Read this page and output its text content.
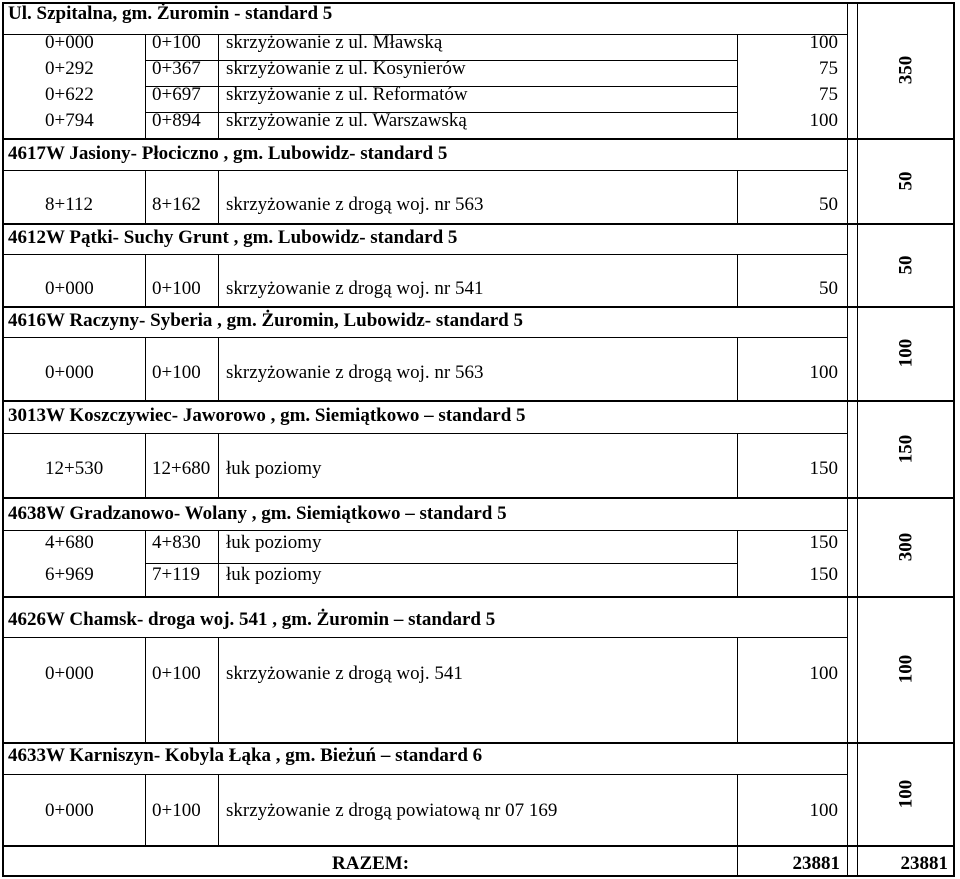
Ul. Szpitalna, gm. Żuromin - standard 5
0+000	0+100 skrzyżowanie z ul. Mławską	100
0+292	0+367 skrzyżowanie z ul. Kosynierów	75
0+622	0+697 skrzyżowanie z ul. Reformatów	75
0+794	0+894 skrzyżowanie z ul. Warszawską	100
350
4617W Jasiony- Płociczno , gm. Lubowidz- standard 5
8+112	8+162 skrzyżowanie z drogą woj. nr 563	50
50
4612W Pątki- Suchy Grunt , gm. Lubowidz- standard 5
0+000	0+100 skrzyżowanie z drogą woj. nr 541	50
50
4616W Raczyny- Syberia , gm. Żuromin, Lubowidz- standard 5
0+000	0+100 skrzyżowanie z drogą woj. nr 563	100
100
3013W Koszczywiec- Jaworowo , gm. Siemiątkowo – standard 5
12+530	12+680 łuk poziomy	150
150
4638W Gradzanowo- Wolany , gm. Siemiątkowo – standard 5
4+680	4+830 łuk poziomy	150
6+969	7+119 łuk poziomy	150
300
4626W Chamsk- droga woj. 541 , gm. Żuromin – standard 5
0+000	0+100 skrzyżowanie z drogą woj. 541	100	100
4633W Karniszyn- Kobyla Łąka , gm. Bieżuń – standard 6
0+000	0+100 skrzyżowanie z drogą powiatową nr 07 169	100
100
RAZEM:	23881	23881
